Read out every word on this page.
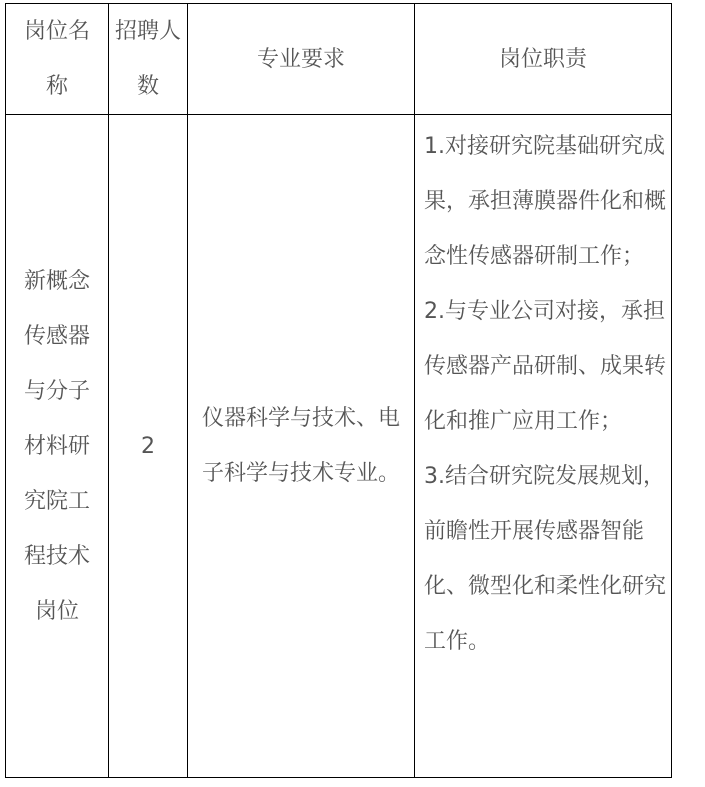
岗位名称	招聘人数	专业要求	岗位职责

新概念传感器与分子材料研究院工程技术岗位	2	仪器科学与技术、电子科学与技术专业。	1.对接研究院基础研究成果，承担薄膜器件化和概念性传感器研制工作；
2.与专业公司对接，承担传感器产品研制、成果转化和推广应用工作；
3.结合研究院发展规划，前瞻性开展传感器智能化、微型化和柔性化研究工作。
